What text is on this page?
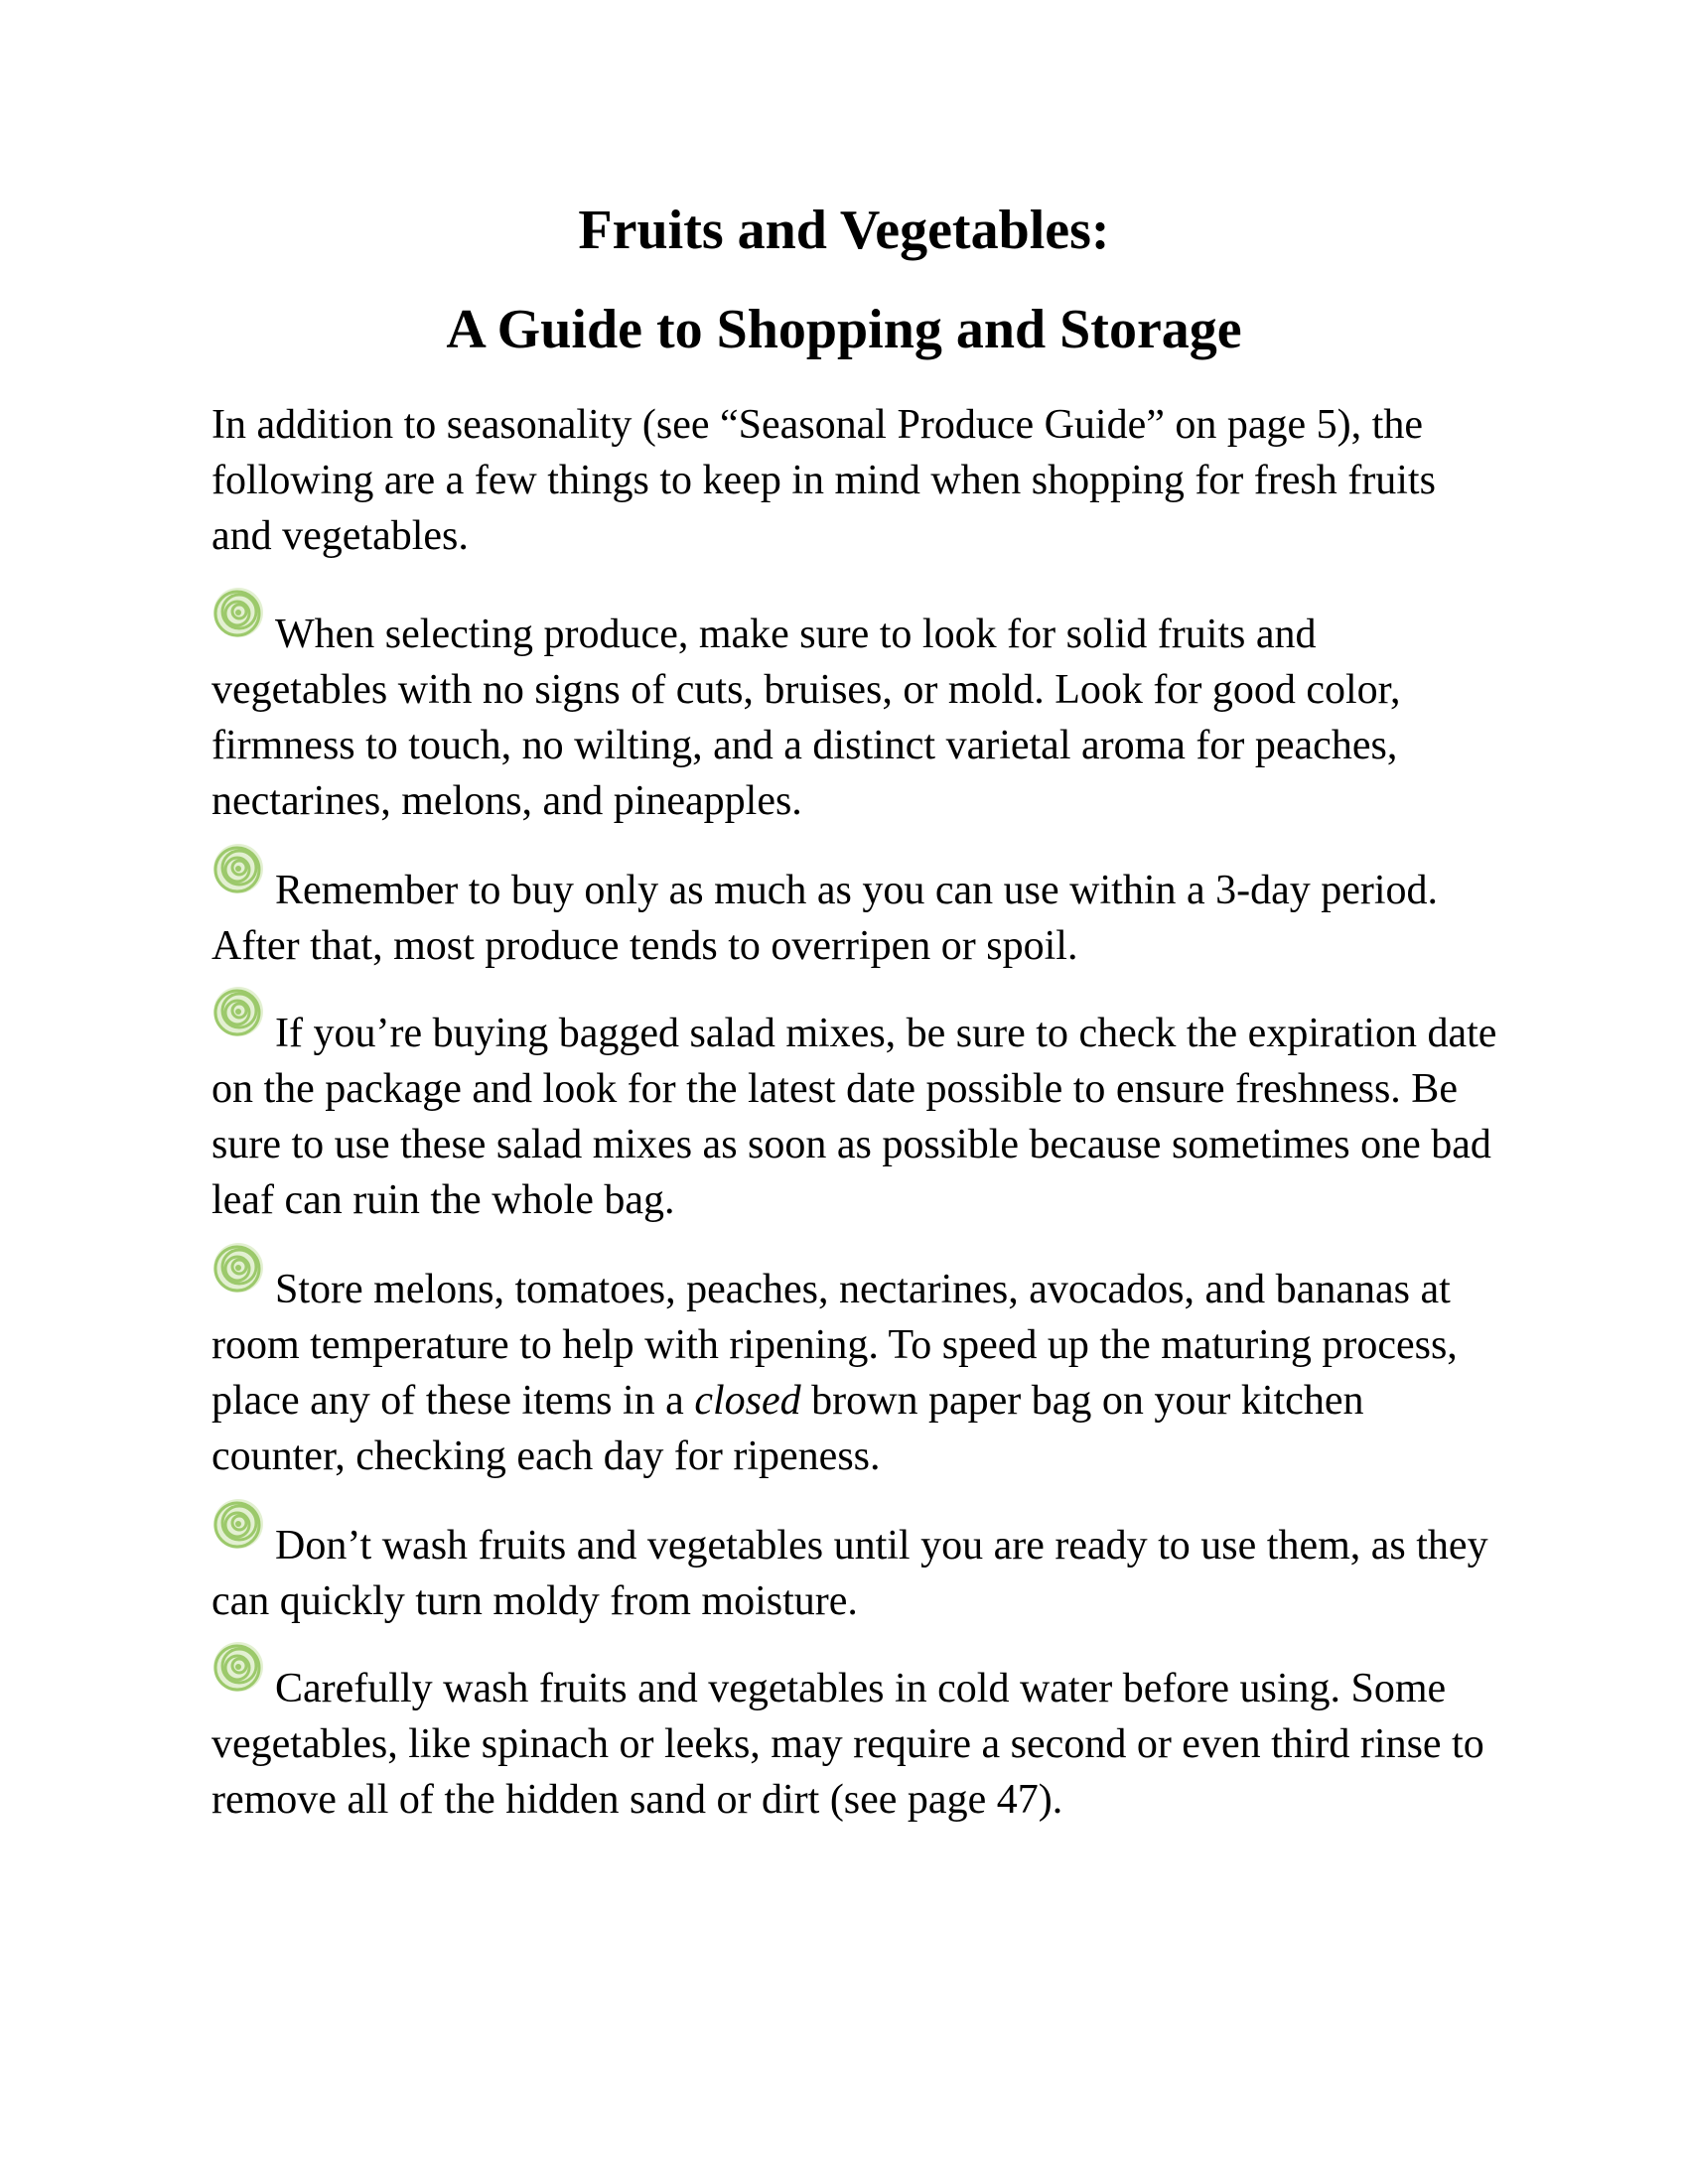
Fruits and Vegetables:
A Guide to Shopping and Storage

In addition to seasonality (see “Seasonal Produce Guide” on page 5), the following are a few things to keep in mind when shopping for fresh fruits and vegetables.

When selecting produce, make sure to look for solid fruits and vegetables with no signs of cuts, bruises, or mold. Look for good color, firmness to touch, no wilting, and a distinct varietal aroma for peaches, nectarines, melons, and pineapples.

Remember to buy only as much as you can use within a 3-day period. After that, most produce tends to overripen or spoil.

If you’re buying bagged salad mixes, be sure to check the expiration date on the package and look for the latest date possible to ensure freshness. Be sure to use these salad mixes as soon as possible because sometimes one bad leaf can ruin the whole bag.

Store melons, tomatoes, peaches, nectarines, avocados, and bananas at room temperature to help with ripening. To speed up the maturing process, place any of these items in a closed brown paper bag on your kitchen counter, checking each day for ripeness.

Don’t wash fruits and vegetables until you are ready to use them, as they can quickly turn moldy from moisture.

Carefully wash fruits and vegetables in cold water before using. Some vegetables, like spinach or leeks, may require a second or even third rinse to remove all of the hidden sand or dirt (see page 47).
